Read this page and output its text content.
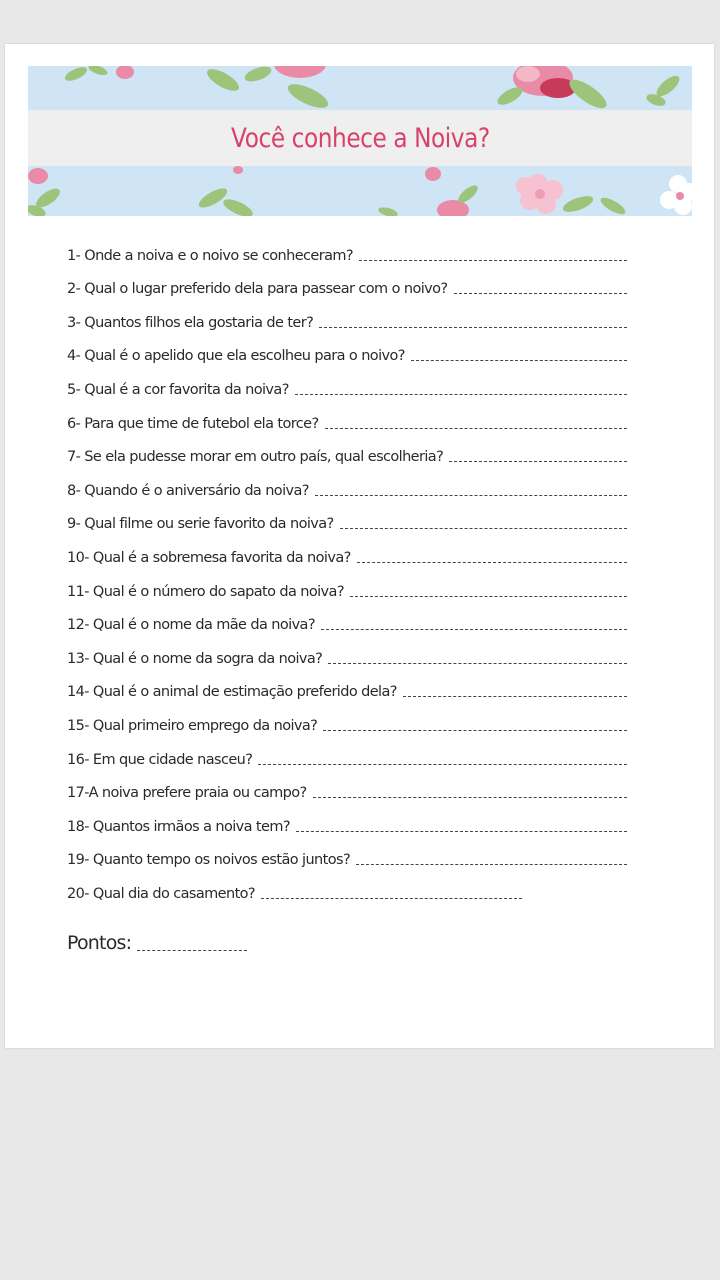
Você conhece a Noiva?
1- Onde a noiva e o noivo se conheceram?
2- Qual o lugar preferido dela para passear com o noivo?
3- Quantos filhos ela gostaria de ter?
4- Qual é o apelido que ela escolheu para o noivo?
5- Qual é a cor favorita da noiva?
6- Para que time de futebol ela torce?
7- Se ela pudesse morar em outro país, qual escolheria?
8- Quando é o aniversário da noiva?
9- Qual filme ou serie favorito da noiva?
10- Qual é a sobremesa favorita da noiva?
11- Qual é o número do sapato da noiva?
12- Qual é o nome da mãe da noiva?
13- Qual é o nome da sogra da noiva?
14- Qual é o animal de estimação preferido dela?
15- Qual primeiro emprego da noiva?
16- Em que cidade nasceu?
17-A noiva prefere praia ou campo?
18- Quantos irmãos a noiva tem?
19- Quanto tempo os noivos estão juntos?
20- Qual dia do casamento?
Pontos:
